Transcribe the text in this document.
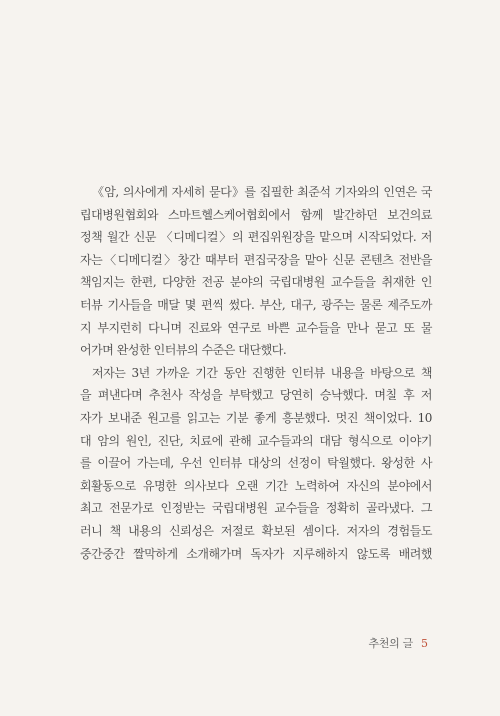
《암, 의사에게 자세히 묻다》를 집필한 최준석 기자와의 인연은 국
립대병원협회와 스마트헬스케어협회에서 함께 발간하던 보건의료
정책 월간 신문 〈디메디컬〉의 편집위원장을 맡으며 시작되었다. 저
자는〈디메디컬〉창간 때부터 편집국장을 맡아 신문 콘텐츠 전반을
책임지는 한편, 다양한 전공 분야의 국립대병원 교수들을 취재한 인
터뷰 기사들을 매달 몇 편씩 썼다. 부산, 대구, 광주는 물론 제주도까
지 부지런히 다니며 진료와 연구로 바쁜 교수들을 만나 묻고 또 물
어가며 완성한 인터뷰의 수준은 대단했다.
저자는 3년 가까운 기간 동안 진행한 인터뷰 내용을 바탕으로 책
을 펴낸다며 추천사 작성을 부탁했고 당연히 승낙했다. 며칠 후 저
자가 보내준 원고를 읽고는 기분 좋게 흥분했다. 멋진 책이었다. 10
대 암의 원인, 진단, 치료에 관해 교수들과의 대담 형식으로 이야기
를 이끌어 가는데, 우선 인터뷰 대상의 선정이 탁월했다. 왕성한 사
회활동으로 유명한 의사보다 오랜 기간 노력하여 자신의 분야에서
최고 전문가로 인정받는 국립대병원 교수들을 정확히 골라냈다. 그
러니 책 내용의 신뢰성은 저절로 확보된 셈이다. 저자의 경험들도
중간중간 짤막하게 소개해가며 독자가 지루해하지 않도록 배려했
추천의 글 5
